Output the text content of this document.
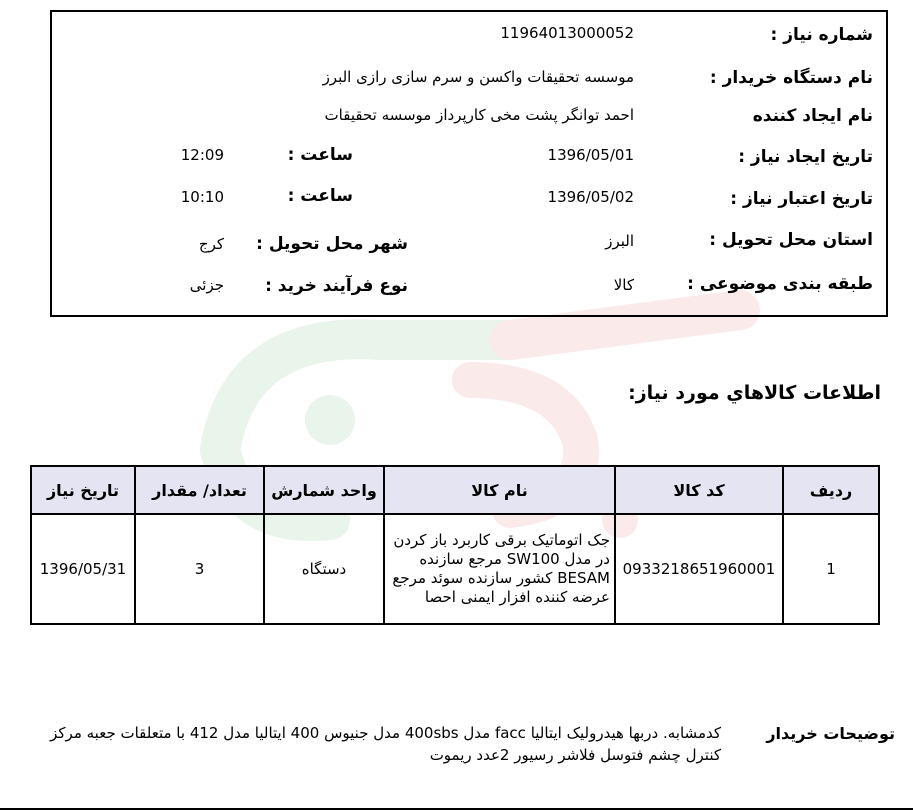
شماره نیاز :
11964013000052
نام دستگاه خریدار :
موسسه تحقیقات واکسن و سرم سازی رازی البرز
نام ایجاد کننده
احمد توانگر پشت مخی کارپرداز موسسه تحقیقات
تاریخ ایجاد نیاز :
1396/05/01
ساعت :
12:09
تاریخ اعتبار نیاز :
1396/05/02
ساعت :
10:10
استان محل تحویل :
البرز
شهر محل تحویل :
کرج
طبقه بندی موضوعی :
کالا
نوع فرآیند خرید :
جزئی
اطلاعات كالاهاي مورد نياز:
ردیف	کد کالا	نام کالا	واحد شمارش	تعداد/ مقدار	تاریخ نیاز
1	0933218651960001	جک اتوماتیک برقی کاربرد باز کردن در مدل SW100 مرجع سازنده BESAM کشور سازنده سوئد مرجع عرضه کننده افزار ایمنی احصا	دستگاه	3	1396/05/31
توضیحات خریدار
کدمشابه. دربها هیدرولیک ایتالیا facc مدل 400sbs مدل جنیوس 400 ایتالیا مدل 412 با متعلقات جعبه مرکز کنترل چشم فتوسل فلاشر رسیور 2عدد ریموت
